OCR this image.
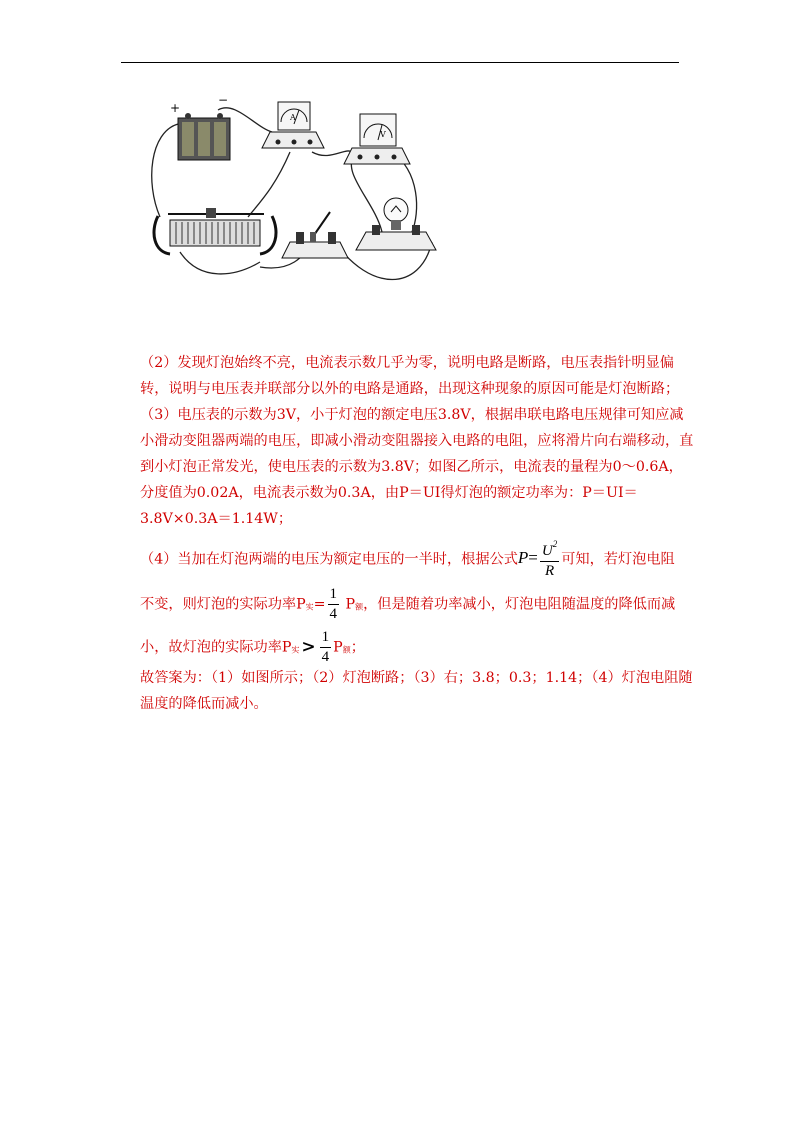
+
−
A
V

（2）发现灯泡始终不亮，电流表示数几乎为零，说明电路是断路，电压表指针明显偏转，说明与电压表并联部分以外的电路是通路，出现这种现象的原因可能是灯泡断路；

（3）电压表的示数为3V，小于灯泡的额定电压3.8V，根据串联电路电压规律可知应减小滑动变阻器两端的电压，即减小滑动变阻器接入电路的电阻，应将滑片向右端移动，直到小灯泡正常发光，使电压表的示数为3.8V；如图乙所示，电流表的量程为0～0.6A，分度值为0.02A，电流表示数为0.3A，由P＝UI得灯泡的额定功率为：P＝UI＝3.8V×0.3A＝1.14W；

（4）当加在灯泡两端的电压为额定电压的一半时，根据公式$P= \frac{U^2}{R}$ 可知，若灯泡电阻

不变，则灯泡的实际功率P实= $\frac{1}{4}$ P额，但是随着功率减小，灯泡电阻随温度的降低而减

小，故灯泡的实际功率P实 > $\frac{1}{4}$ P额；

故答案为：（1）如图所示；（2）灯泡断路；（3）右；3.8；0.3；1.14；（4）灯泡电阻随温度的降低而减小。
